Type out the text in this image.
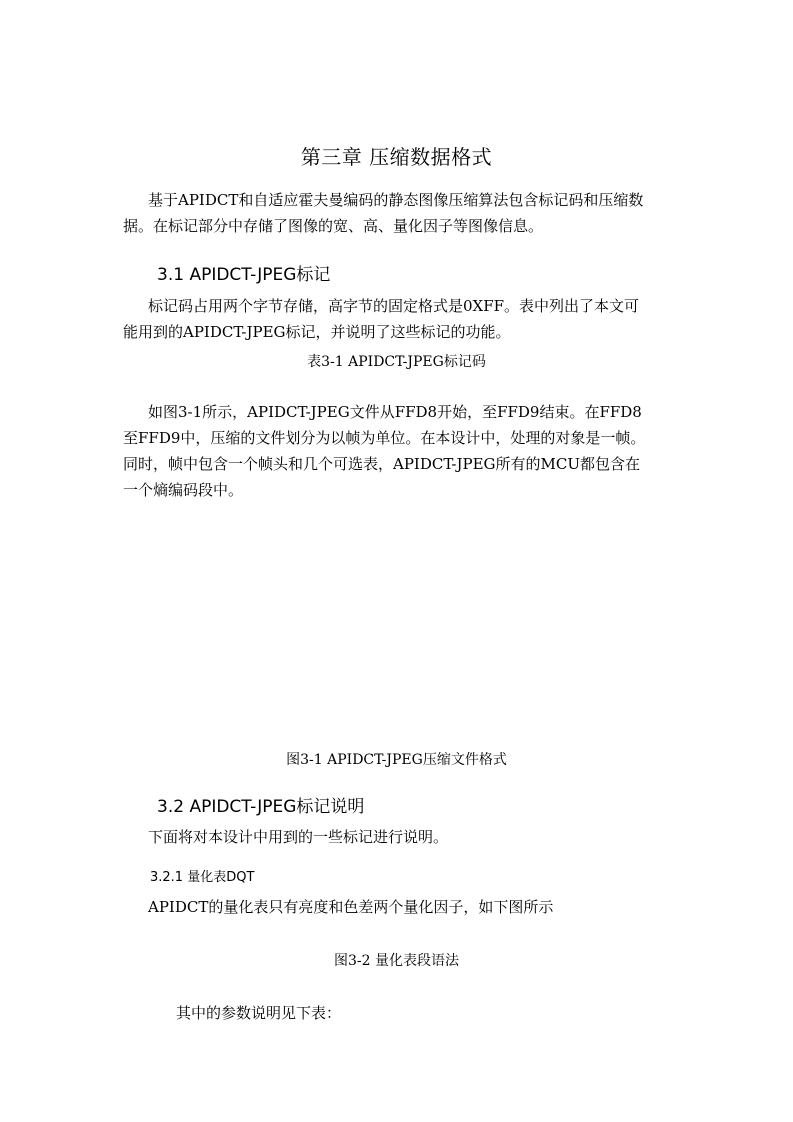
第三章 压缩数据格式
基于APIDCT和自适应霍夫曼编码的静态图像压缩算法包含标记码和压缩数
据。在标记部分中存储了图像的宽、高、量化因子等图像信息。
3.1 APIDCT-JPEG标记
标记码占用两个字节存储，高字节的固定格式是0XFF。表中列出了本文可
能用到的APIDCT-JPEG标记，并说明了这些标记的功能。
表3-1 APIDCT-JPEG标记码
如图3-1所示，APIDCT-JPEG文件从FFD8开始，至FFD9结束。在FFD8
至FFD9中，压缩的文件划分为以帧为单位。在本设计中，处理的对象是一帧。
同时，帧中包含一个帧头和几个可选表，APIDCT-JPEG所有的MCU都包含在
一个熵编码段中。
图3-1 APIDCT-JPEG压缩文件格式
3.2 APIDCT-JPEG标记说明
下面将对本设计中用到的一些标记进行说明。
3.2.1 量化表DQT
APIDCT的量化表只有亮度和色差两个量化因子，如下图所示
图3-2 量化表段语法
其中的参数说明见下表：
